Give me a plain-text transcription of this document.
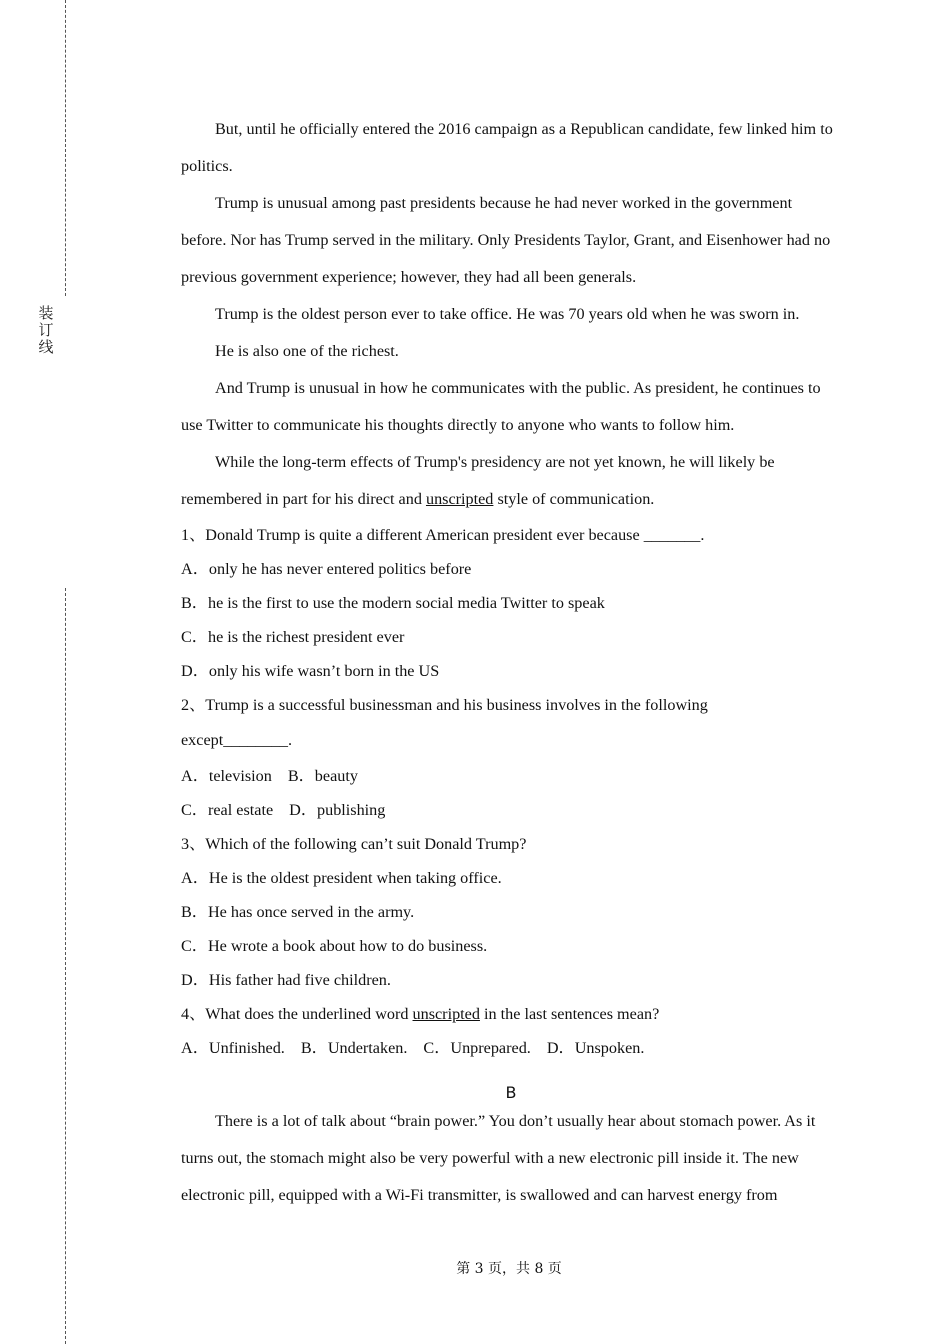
装
订
线

But, until he officially entered the 2016 campaign as a Republican candidate, few linked him to politics.

Trump is unusual among past presidents because he had never worked in the government before. Nor has Trump served in the military. Only Presidents Taylor, Grant, and Eisenhower had no previous government experience; however, they had all been generals.

Trump is the oldest person ever to take office. He was 70 years old when he was sworn in.

He is also one of the richest.

And Trump is unusual in how he communicates with the public. As president, he continues to use Twitter to communicate his thoughts directly to anyone who wants to follow him.

While the long-term effects of Trump's presidency are not yet known, he will likely be remembered in part for his direct and unscripted style of communication.

1、Donald Trump is quite a different American president ever because _______.

A．only he has never entered politics before

B．he is the first to use the modern social media Twitter to speak

C．he is the richest president ever

D．only his wife wasn’t born in the US

2、Trump is a successful businessman and his business involves in the following

except________.

A．television B．beauty

C．real estate D．publishing

3、Which of the following can’t suit Donald Trump?

A．He is the oldest president when taking office.

B．He has once served in the army.

C．He wrote a book about how to do business.

D．His father had five children.

4、What does the underlined word unscripted in the last sentences mean?

A．Unfinished. B．Undertaken. C．Unprepared. D．Unspoken.

B

There is a lot of talk about “brain power.” You don’t usually hear about stomach power. As it turns out, the stomach might also be very powerful with a new electronic pill inside it. The new electronic pill, equipped with a Wi-Fi transmitter, is swallowed and can harvest energy from

第 3 页，共 8 页
